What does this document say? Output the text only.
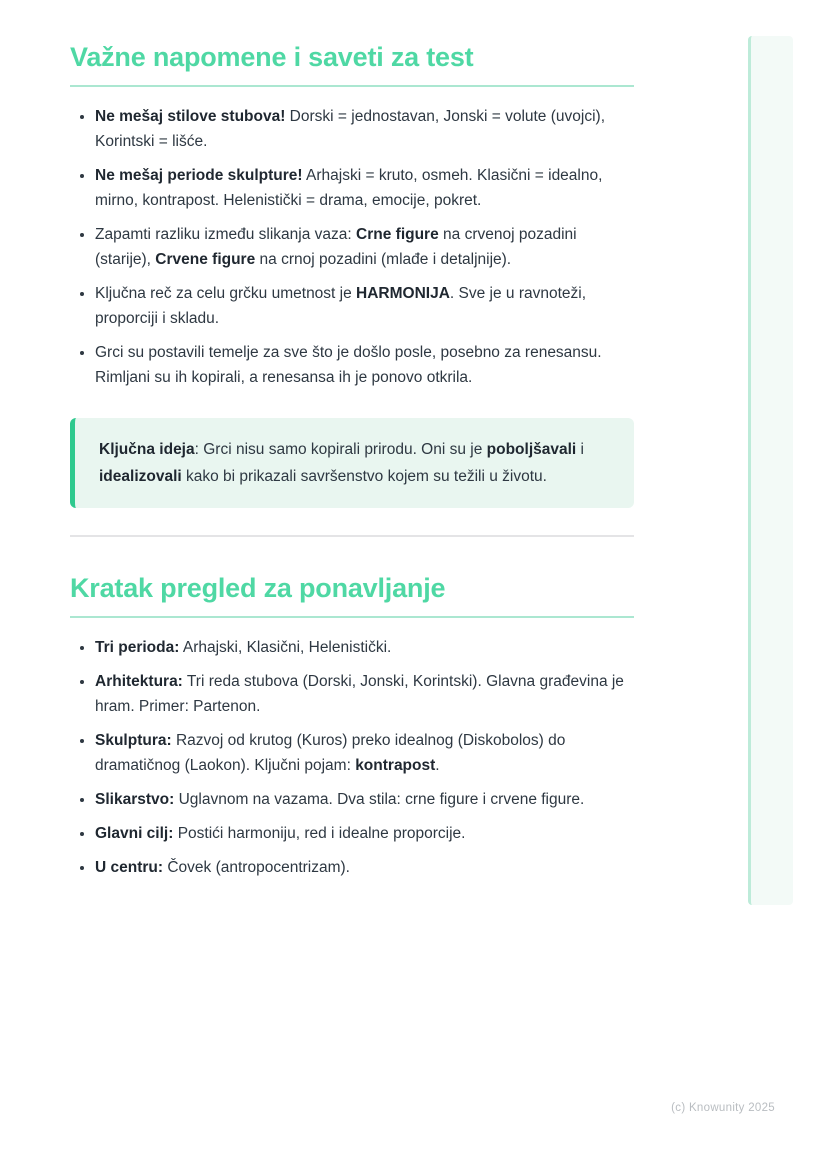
Važne napomene i saveti za test
• Ne mešaj stilove stubova! Dorski = jednostavan, Jonski = volute (uvojci), Korintski = lišće.
• Ne mešaj periode skulpture! Arhajski = kruto, osmeh. Klasični = idealno, mirno, kontrapost. Helenistički = drama, emocije, pokret.
• Zapamti razliku između slikanja vaza: Crne figure na crvenoj pozadini (starije), Crvene figure na crnoj pozadini (mlađe i detaljnije).
• Ključna reč za celu grčku umetnost je HARMONIJA. Sve je u ravnoteži, proporciji i skladu.
• Grci su postavili temelje za sve što je došlo posle, posebno za renesansu. Rimljani su ih kopirali, a renesansa ih je ponovo otkrila.

Ključna ideja: Grci nisu samo kopirali prirodu. Oni su je poboljšavali i idealizovali kako bi prikazali savršenstvo kojem su težili u životu.

Kratak pregled za ponavljanje
• Tri perioda: Arhajski, Klasični, Helenistički.
• Arhitektura: Tri reda stubova (Dorski, Jonski, Korintski). Glavna građevina je hram. Primer: Partenon.
• Skulptura: Razvoj od krutog (Kuros) preko idealnog (Diskobolos) do dramatičnog (Laokon). Ključni pojam: kontrapost.
• Slikarstvo: Uglavnom na vazama. Dva stila: crne figure i crvene figure.
• Glavni cilj: Postići harmoniju, red i idealne proporcije.
• U centru: Čovek (antropocentrizam).
(c) Knowunity 2025
